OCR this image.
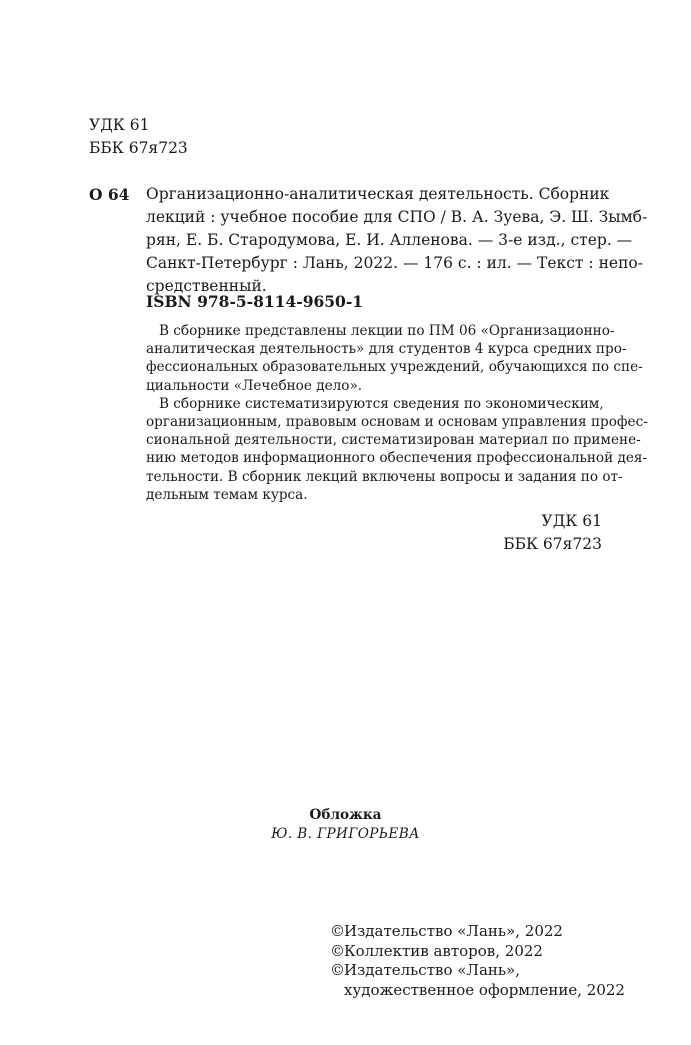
УДК 61
ББК 67я723
О 64 Организационно-аналитическая деятельность. Сборник
лекций : учебное пособие для СПО / В. А. Зуева, Э. Ш. Зымб-
рян, Е. Б. Стародумова, Е. И. Алленова. — 3-е изд., стер. —
Санкт-Петербург : Лань, 2022. — 176 с. : ил. — Текст : непо-
средственный.
ISBN 978-5-8114-9650-1
В сборнике представлены лекции по ПМ 06 «Организационно-
аналитическая деятельность» для студентов 4 курса средних про-
фессиональных образовательных учреждений, обучающихся по спе-
циальности «Лечебное дело».
В сборнике систематизируются сведения по экономическим,
организационным, правовым основам и основам управления профес-
сиональной деятельности, систематизирован материал по примене-
нию методов информационного обеспечения профессиональной дея-
тельности. В сборник лекций включены вопросы и задания по от-
дельным темам курса.
УДК 61
ББК 67я723
Обложка
Ю. В. ГРИГОРЬЕВА
© Издательство «Лань», 2022
© Коллектив авторов, 2022
© Издательство «Лань»,
художественное оформление, 2022
